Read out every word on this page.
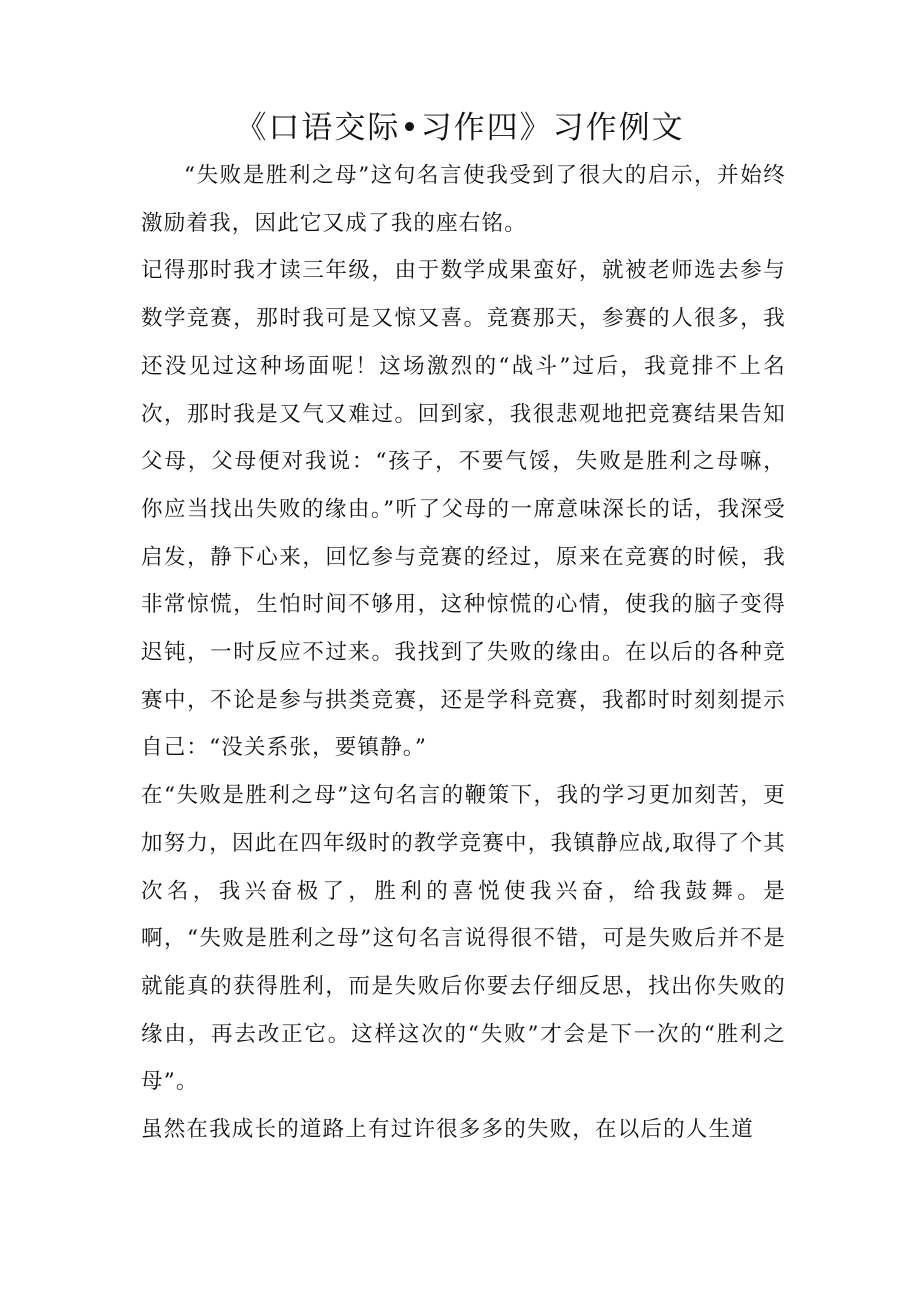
《口语交际•习作四》习作例文

“失败是胜利之母”这句名言使我受到了很大的启示，并始终激励着我，因此它又成了我的座右铭。

记得那时我才读三年级，由于数学成果蛮好，就被老师选去参与数学竞赛，那时我可是又惊又喜。竞赛那天，参赛的人很多，我还没见过这种场面呢！这场激烈的“战斗”过后，我竟排不上名次，那时我是又气又难过。回到家，我很悲观地把竞赛结果告知父母，父母便对我说：“孩子，不要气馁，失败是胜利之母嘛，你应当找出失败的缘由。”听了父母的一席意味深长的话，我深受启发，静下心来，回忆参与竞赛的经过，原来在竞赛的时候，我非常惊慌，生怕时间不够用，这种惊慌的心情，使我的脑子变得迟钝，一时反应不过来。我找到了失败的缘由。在以后的各种竞赛中，不论是参与拱类竞赛，还是学科竞赛，我都时时刻刻提示自己：“没关系张，要镇静。”

在“失败是胜利之母”这句名言的鞭策下，我的学习更加刻苦，更加努力，因此在四年级时的教学竞赛中，我镇静应战,取得了个其次名，我兴奋极了，胜利的喜悦使我兴奋，给我鼓舞。是啊，“失败是胜利之母”这句名言说得很不错，可是失败后并不是就能真的获得胜利，而是失败后你要去仔细反思，找出你失败的缘由，再去改正它。这样这次的“失败”才会是下一次的“胜利之母”。

虽然在我成长的道路上有过许很多多的失败，在以后的人生道
